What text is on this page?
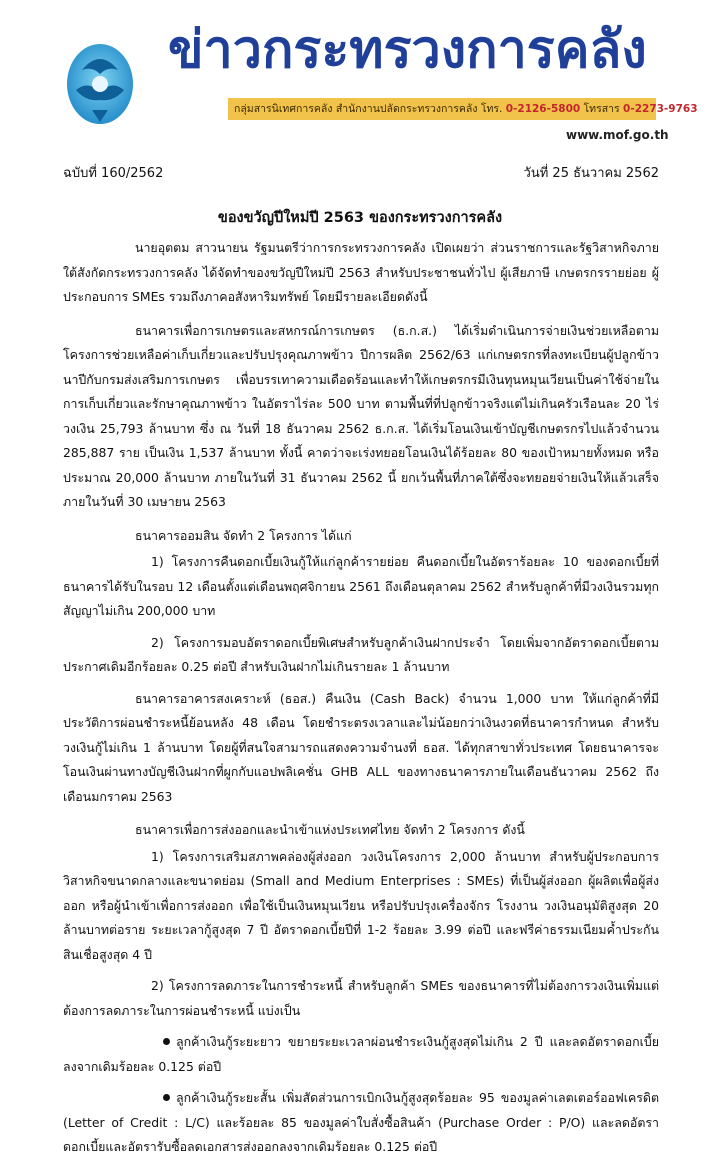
ข่าวกระทรวงการคลัง
กลุ่มสารนิเทศการคลัง สำนักงานปลัดกระทรวงการคลัง โทร. 0-2126-5800 โทรสาร 0-2273-9763
www.mof.go.th
ฉบับที่ 160/2562	วันที่ 25 ธันวาคม 2562
ของขวัญปีใหม่ปี 2563 ของกระทรวงการคลัง

นายอุตตม สาวนายน รัฐมนตรีว่าการกระทรวงการคลัง เปิดเผยว่า ส่วนราชการและรัฐวิสาหกิจภายใต้สังกัดกระทรวงการคลัง ได้จัดทำของขวัญปีใหม่ปี 2563 สำหรับประชาชนทั่วไป ผู้เสียภาษี เกษตรกรรายย่อย ผู้ประกอบการ SMEs รวมถึงภาคอสังหาริมทรัพย์ โดยมีรายละเอียดดังนี้

ธนาคารเพื่อการเกษตรและสหกรณ์การเกษตร (ธ.ก.ส.) ได้เริ่มดำเนินการจ่ายเงินช่วยเหลือตามโครงการช่วยเหลือค่าเก็บเกี่ยวและปรับปรุงคุณภาพข้าว ปีการผลิต 2562/63 แก่เกษตรกรที่ลงทะเบียนผู้ปลูกข้าวนาปีกับกรมส่งเสริมการเกษตร เพื่อบรรเทาความเดือดร้อนและทำให้เกษตรกรมีเงินทุนหมุนเวียนเป็นค่าใช้จ่ายในการเก็บเกี่ยวและรักษาคุณภาพข้าว ในอัตราไร่ละ 500 บาท ตามพื้นที่ที่ปลูกข้าวจริงแต่ไม่เกินครัวเรือนละ 20 ไร่ วงเงิน 25,793 ล้านบาท ซึ่ง ณ วันที่ 18 ธันวาคม 2562 ธ.ก.ส. ได้เริ่มโอนเงินเข้าบัญชีเกษตรกรไปแล้วจำนวน 285,887 ราย เป็นเงิน 1,537 ล้านบาท ทั้งนี้ คาดว่าจะเร่งทยอยโอนเงินได้ร้อยละ 80 ของเป้าหมายทั้งหมด หรือประมาณ 20,000 ล้านบาท ภายในวันที่ 31 ธันวาคม 2562 นี้ ยกเว้นพื้นที่ภาคใต้ซึ่งจะทยอยจ่ายเงินให้แล้วเสร็จภายในวันที่ 30 เมษายน 2563

ธนาคารออมสิน จัดทำ 2 โครงการ ได้แก่

1) โครงการคืนดอกเบี้ยเงินกู้ให้แก่ลูกค้ารายย่อย คืนดอกเบี้ยในอัตราร้อยละ 10 ของดอกเบี้ยที่ธนาคารได้รับในรอบ 12 เดือนตั้งแต่เดือนพฤศจิกายน 2561 ถึงเดือนตุลาคม 2562 สำหรับลูกค้าที่มีวงเงินรวมทุกสัญญาไม่เกิน 200,000 บาท

2) โครงการมอบอัตราดอกเบี้ยพิเศษสำหรับลูกค้าเงินฝากประจำ โดยเพิ่มจากอัตราดอกเบี้ยตามประกาศเดิมอีกร้อยละ 0.25 ต่อปี สำหรับเงินฝากไม่เกินรายละ 1 ล้านบาท

ธนาคารอาคารสงเคราะห์ (ธอส.) คืนเงิน (Cash Back) จำนวน 1,000 บาท ให้แก่ลูกค้าที่มีประวัติการผ่อนชำระหนี้ย้อนหลัง 48 เดือน โดยชำระตรงเวลาและไม่น้อยกว่าเงินงวดที่ธนาคารกำหนด สำหรับวงเงินกู้ไม่เกิน 1 ล้านบาท โดยผู้ที่สนใจสามารถแสดงความจำนงที่ ธอส. ได้ทุกสาขาทั่วประเทศ โดยธนาคารจะโอนเงินผ่านทางบัญชีเงินฝากที่ผูกกับแอปพลิเคชั่น GHB ALL ของทางธนาคารภายในเดือนธันวาคม 2562 ถึงเดือนมกราคม 2563

ธนาคารเพื่อการส่งออกและนำเข้าแห่งประเทศไทย จัดทำ 2 โครงการ ดังนี้

1) โครงการเสริมสภาพคล่องผู้ส่งออก วงเงินโครงการ 2,000 ล้านบาท สำหรับผู้ประกอบการวิสาหกิจขนาดกลางและขนาดย่อม (Small and Medium Enterprises : SMEs) ที่เป็นผู้ส่งออก ผู้ผลิตเพื่อผู้ส่งออก หรือผู้นำเข้าเพื่อการส่งออก เพื่อใช้เป็นเงินหมุนเวียน หรือปรับปรุงเครื่องจักร โรงงาน วงเงินอนุมัติสูงสุด 20 ล้านบาทต่อราย ระยะเวลากู้สูงสุด 7 ปี อัตราดอกเบี้ยปีที่ 1-2 ร้อยละ 3.99 ต่อปี และฟรีค่าธรรมเนียมค้ำประกันสินเชื่อสูงสุด 4 ปี

2) โครงการลดภาระในการชำระหนี้ สำหรับลูกค้า SMEs ของธนาคารที่ไม่ต้องการวงเงินเพิ่มแต่ต้องการลดภาระในการผ่อนชำระหนี้ แบ่งเป็น

ลูกค้าเงินกู้ระยะยาว ขยายระยะเวลาผ่อนชำระเงินกู้สูงสุดไม่เกิน 2 ปี และลดอัตราดอกเบี้ยลงจากเดิมร้อยละ 0.125 ต่อปี

ลูกค้าเงินกู้ระยะสั้น เพิ่มสัดส่วนการเบิกเงินกู้สูงสุดร้อยละ 95 ของมูลค่าเลตเตอร์ออฟเครดิต (Letter of Credit : L/C) และร้อยละ 85 ของมูลค่าใบสั่งซื้อสินค้า (Purchase Order : P/O) และลดอัตราดอกเบี้ยและอัตรารับซื้อลดเอกสารส่งออกลงจากเดิมร้อยละ 0.125 ต่อปี
